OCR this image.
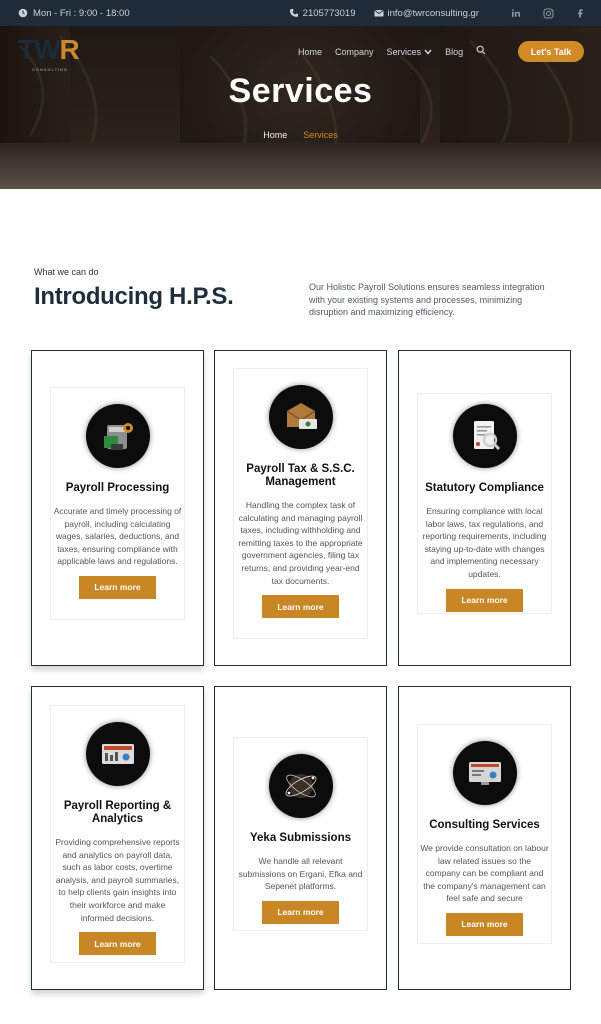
Mon - Fri : 9:00 - 18:00	2105773019	info@twrconsulting.gr
TWR
CONSULTING
Home Company Services	Blog	Let's Talk
Services
Home Services
What we can do
Introducing H.P.S.	Our Holistic Payroll Solutions ensures seamless integration with your existing systems and processes, minimizing disruption and maximizing efficiency.

Payroll Processing
Accurate and timely processing of payroll, including calculating wages, salaries, deductions, and taxes, ensuring compliance with applicable laws and regulations.
Learn more
Payroll Tax & S.S.C. Management
Handling the complex task of calculating and managing payroll taxes, including withholding and remitting taxes to the appropriate government agencies, filing tax returns, and providing year-end tax documents.
Learn more
Statutory Compliance
Ensuring compliance with local labor laws, tax regulations, and reporting requirements, including staying up-to-date with changes and implementing necessary updates.
Learn more
Payroll Reporting & Analytics
Providing comprehensive reports and analytics on payroll data, such as labor costs, overtime analysis, and payroll summaries, to help clients gain insights into their workforce and make informed decisions.
Learn more
Yeka Submissions
We handle all relevant submissions on Ergani, Efka and Sepenet platforms.
Learn more
Consulting Services
We provide consultation on labour law related issues so the company can be compliant and the company's management can feel safe and secure
Learn more
